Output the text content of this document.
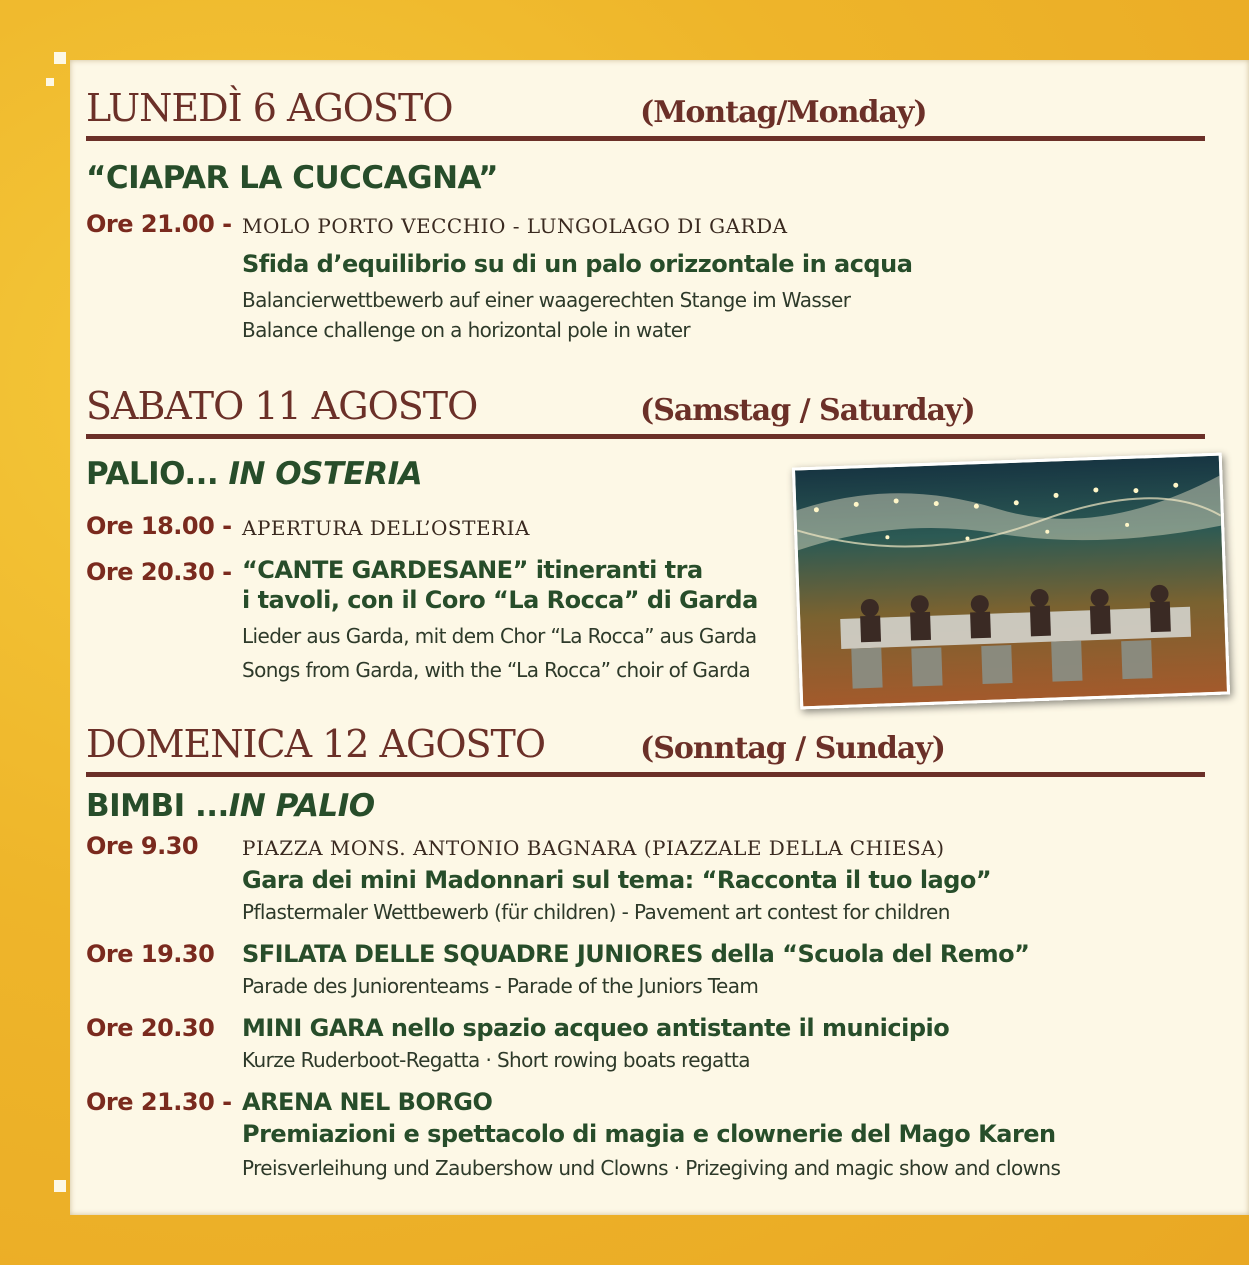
LUNEDÌ 6 AGOSTO	(Montag/Monday)
“CIAPAR LA CUCCAGNA”
Ore 21.00 - MOLO PORTO VECCHIO - LUNGOLAGO DI GARDA
Sfida d’equilibrio su di un palo orizzontale in acqua
Balancierwettbewerb auf einer waagerechten Stange im Wasser
Balance challenge on a horizontal pole in water
SABATO 11 AGOSTO	(Samstag / Saturday)
PALIO... IN OSTERIA
Ore 18.00 - APERTURA DELL’OSTERIA
Ore 20.30 - “CANTE GARDESANE” itineranti tra
i tavoli, con il Coro “La Rocca” di Garda
Lieder aus Garda, mit dem Chor “La Rocca” aus Garda
Songs from Garda, with the “La Rocca” choir of Garda
DOMENICA 12 AGOSTO	(Sonntag / Sunday)
BIMBI ...IN PALIO
Ore 9.30 PIAZZA MONS. ANTONIO BAGNARA (PIAZZALE DELLA CHIESA)
Gara dei mini Madonnari sul tema: “Racconta il tuo lago”
Pflastermaler Wettbewerb (für children) - Pavement art contest for children
Ore 19.30 SFILATA DELLE SQUADRE JUNIORES della “Scuola del Remo”
Parade des Juniorenteams - Parade of the Juniors Team
Ore 20.30 MINI GARA nello spazio acqueo antistante il municipio
Kurze Ruderboot-Regatta · Short rowing boats regatta
Ore 21.30 - ARENA NEL BORGO
Premiazioni e spettacolo di magia e clownerie del Mago Karen
Preisverleihung und Zaubershow und Clowns · Prizegiving and magic show and clowns
